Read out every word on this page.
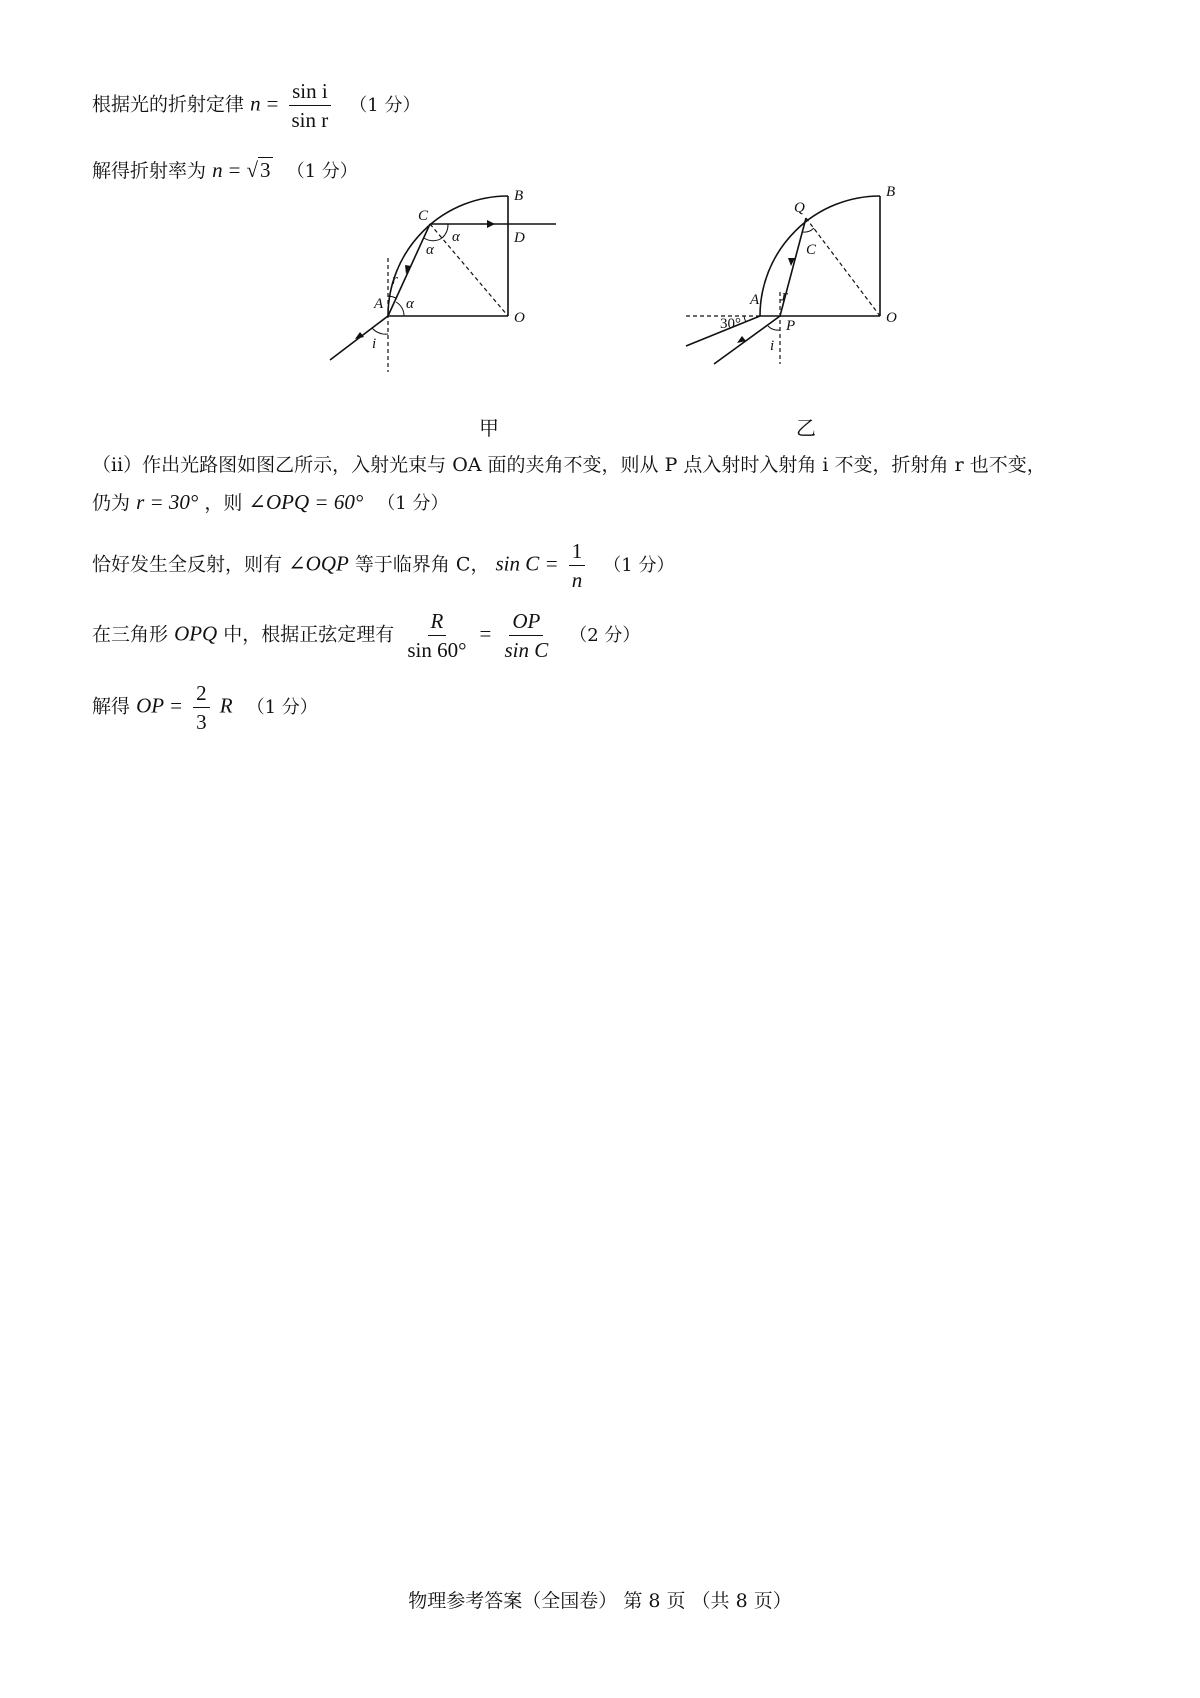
根据光的折射定律 $n = \frac{\text{sin i}}{\text{sin r}} (1$ 分）
解得折射率为 n = √3 （1 分）
B
C
D
α
α
r
A α
O
i
甲
B
Q
C
r
A
30°	P	O
i
乙
（ⅱ）作出光路图如图乙所示，入射光束与 OA 面的夹角不变，则从 P 点入射时入射角 i 不变，折射角 r 也不变，
仍为 r = 30° ，则 ∠OPQ = 60° （1 分）
恰好发生全反射，则有 ∠OQP 等于临界角 C， $\sin C = \frac{1}{n} (1$ 分）
在三角形 OPQ 中，根据正弦定理有 $\frac{R}{\sin 60^\circ} = \frac{OP}{\text{sin C}} (2$ 分）
解得 OP = $\frac{2}{3}$ R （1 分）
物理参考答案（全国卷） 第 8 页 （共 8 页）
